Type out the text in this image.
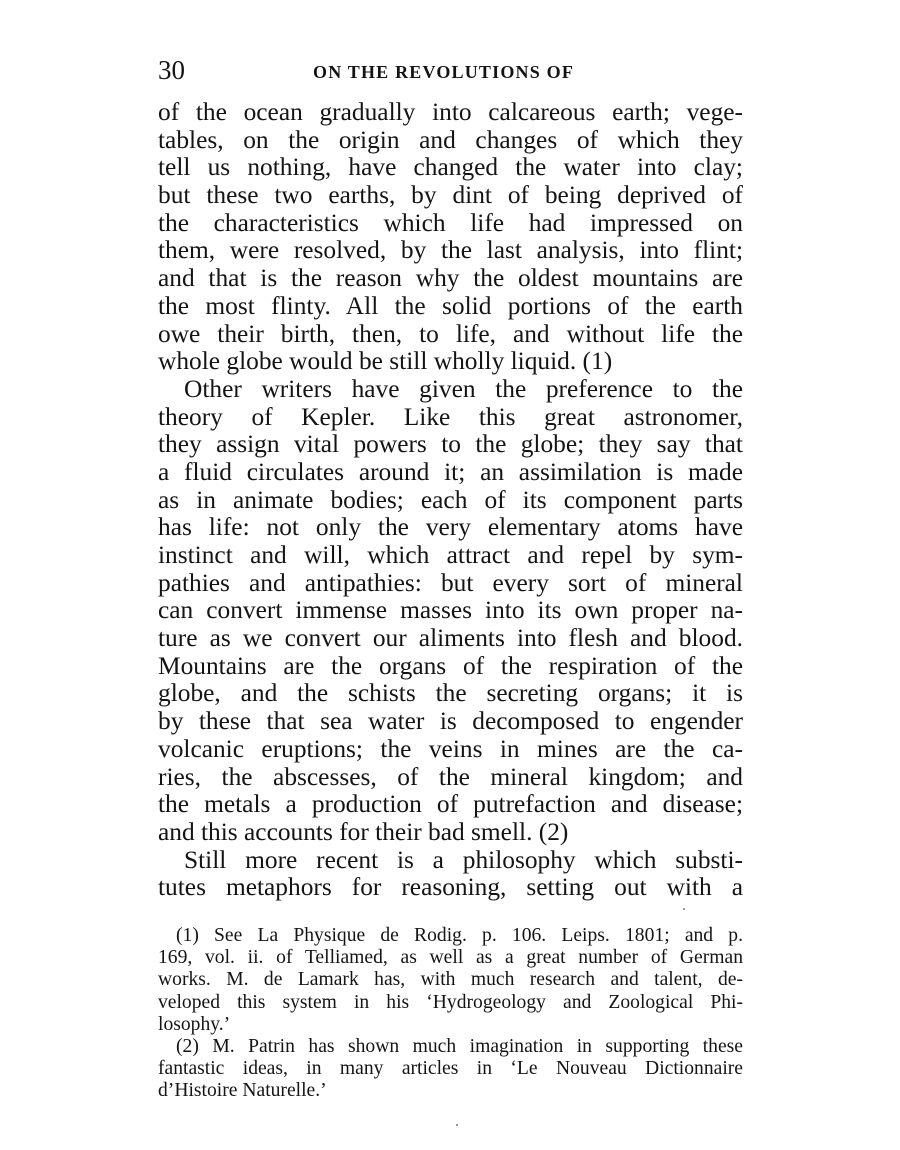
30	ON THE REVOLUTIONS OF
of the ocean gradually into calcareous earth; vege-
tables, on the origin and changes of which they
tell us nothing, have changed the water into clay;
but these two earths, by dint of being deprived of
the characteristics which life had impressed on
them, were resolved, by the last analysis, into flint;
and that is the reason why the oldest mountains are
the most flinty. All the solid portions of the earth
owe their birth, then, to life, and without life the
whole globe would be still wholly liquid. (1)
Other writers have given the preference to the
theory of Kepler. Like this great astronomer,
they assign vital powers to the globe; they say that
a fluid circulates around it; an assimilation is made
as in animate bodies; each of its component parts
has life: not only the very elementary atoms have
instinct and will, which attract and repel by sym-
pathies and antipathies: but every sort of mineral
can convert immense masses into its own proper na-
ture as we convert our aliments into flesh and blood.
Mountains are the organs of the respiration of the
globe, and the schists the secreting organs; it is
by these that sea water is decomposed to engender
volcanic eruptions; the veins in mines are the ca-
ries, the abscesses, of the mineral kingdom; and
the metals a production of putrefaction and disease;
and this accounts for their bad smell. (2)
Still more recent is a philosophy which substi-
tutes metaphors for reasoning, setting out with a
(1) See La Physique de Rodig. p. 106. Leips. 1801; and p.
169, vol. ii. of Telliamed, as well as a great number of German
works. M. de Lamark has, with much research and talent, de-
veloped this system in his ‘Hydrogeology and Zoological Phi-
losophy.’
(2) M. Patrin has shown much imagination in supporting these
fantastic ideas, in many articles in ‘Le Nouveau Dictionnaire
d’Histoire Naturelle.’
